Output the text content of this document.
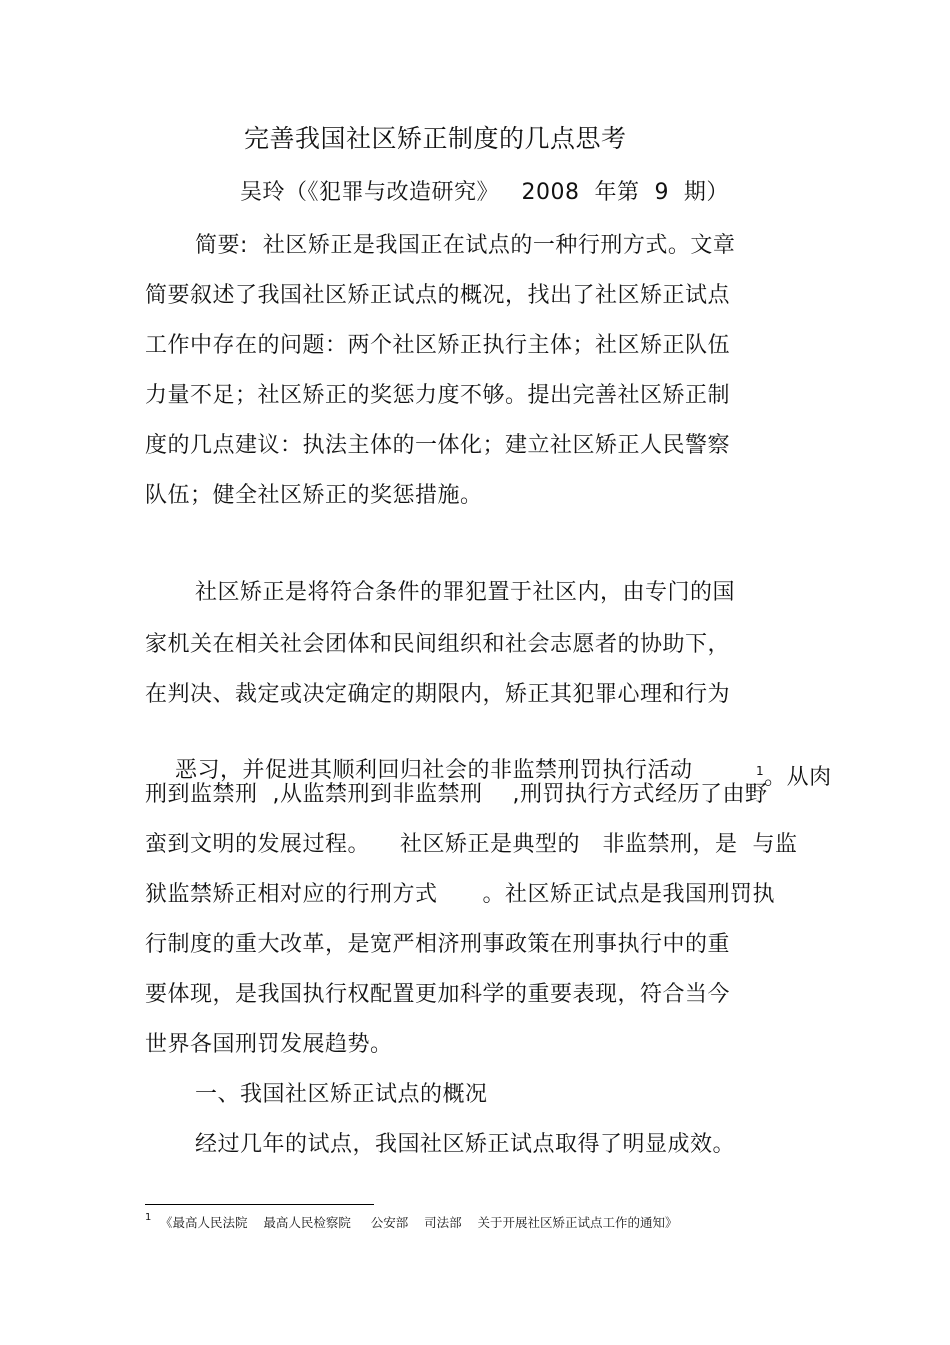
完善我国社区矫正制度的几点思考
吴玲（《犯罪与改造研究》   2008  年第  9  期）
简要:  社区矫正是我国正在试点的一种行刑方式。文章
简要叙述了我国社区矫正试点的概况，找出了社区矫正试点
工作中存在的问题：两个社区矫正执行主体；社区矫正队伍
力量不足；社区矫正的奖惩力度不够。提出完善社区矫正制
度的几点建议：执法主体的一体化；建立社区矫正人民警察
队伍；健全社区矫正的奖惩措施。
社区矫正是将符合条件的罪犯置于社区内，由专门的国
家机关在相关社会团体和民间组织和社会志愿者的协助下，
在判决、裁定或决定确定的期限内，矫正其犯罪心理和行为

恶习，并促进其顺利回归社会的非监禁刑罚执行活动
	$^1$。从肉

刑到监禁刑  ,从监禁刑到非监禁刑    ,刑罚执行方式经历了由野
蛮到文明的发展过程。    社区矫正是典型的   非监禁刑，是  与监
狱监禁矫正相对应的行刑方式      。社区矫正试点是我国刑罚执
行制度的重大改革，是宽严相济刑事政策在刑事执行中的重
要体现，是我国执行权配置更加科学的重要表现，符合当今
世界各国刑罚发展趋势。
一、我国社区矫正试点的概况
经过几年的试点，我国社区矫正试点取得了明显成效。
1 《最高人民法院    最高人民检察院     公安部    司法部    关于开展社区矫正试点工作的通知》
